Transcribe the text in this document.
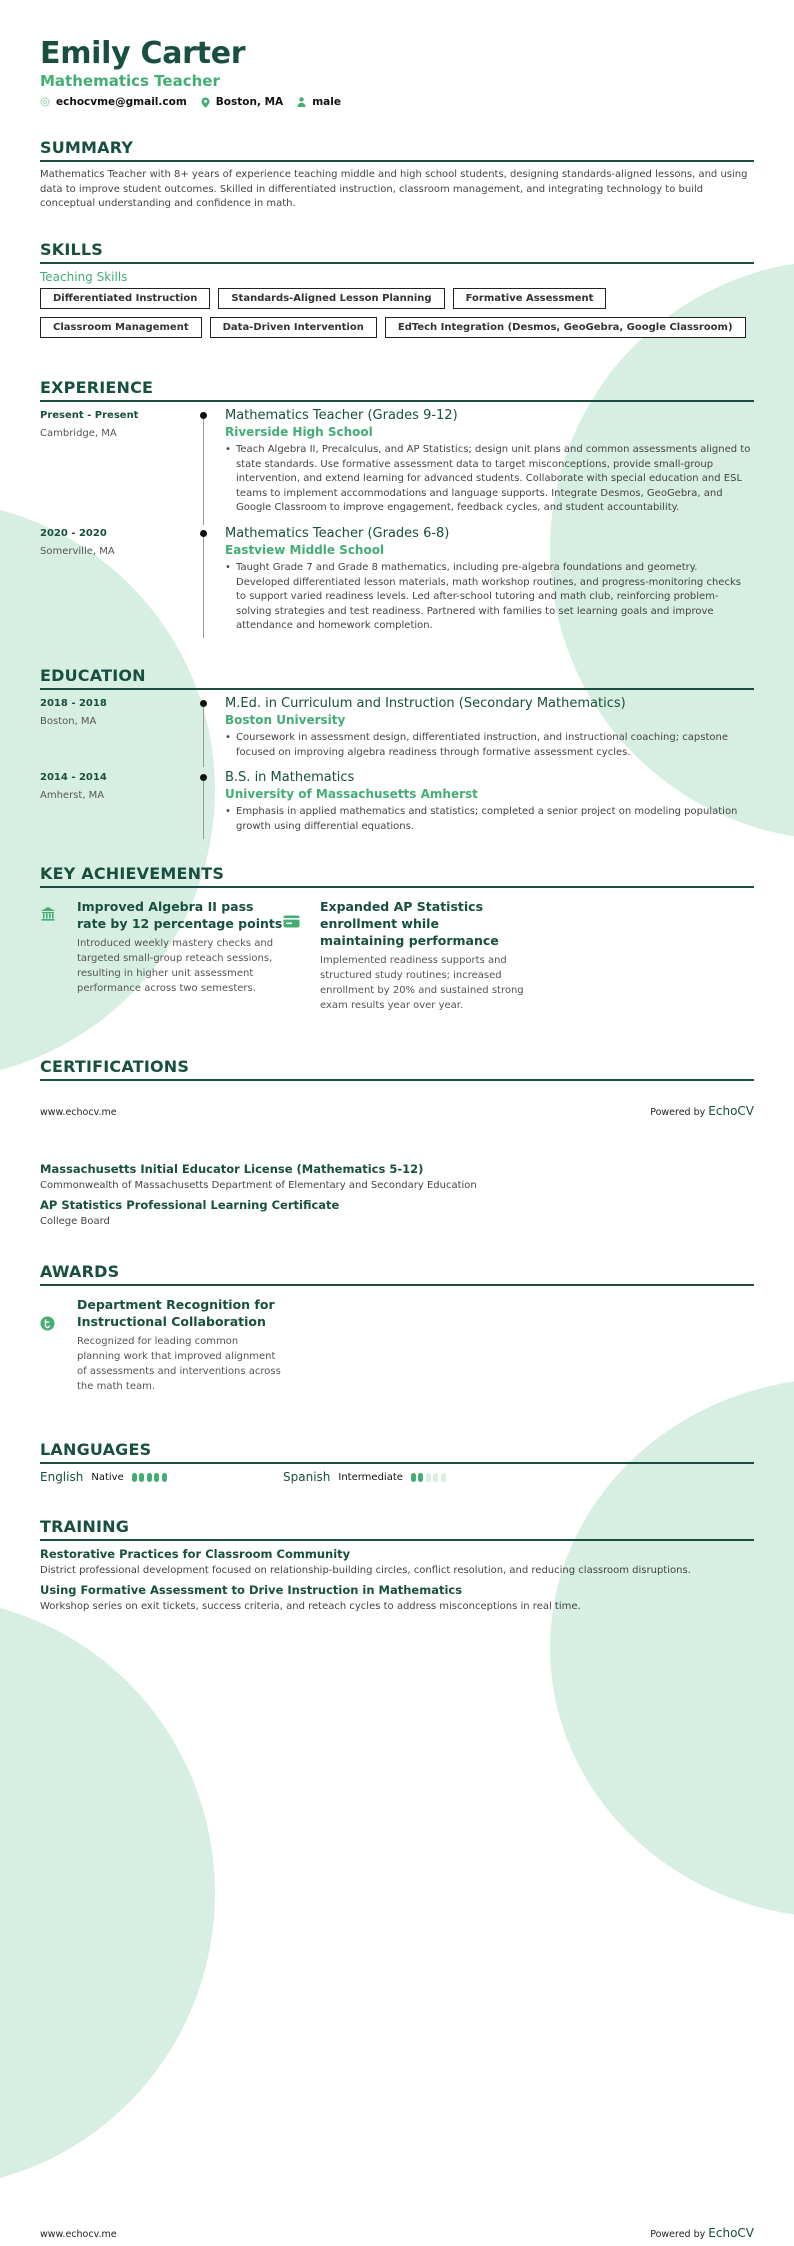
Emily Carter
Mathematics Teacher
echocvme@gmail.com	Boston, MA	male
SUMMARY
Mathematics Teacher with 8+ years of experience teaching middle and high school students, designing standards-aligned lessons, and using data to improve student outcomes. Skilled in differentiated instruction, classroom management, and integrating technology to build conceptual understanding and confidence in math.
SKILLS
Teaching Skills
Differentiated Instruction	Standards-Aligned Lesson Planning	Formative Assessment
Classroom Management	Data-Driven Intervention	EdTech Integration (Desmos, GeoGebra, Google Classroom)
EXPERIENCE
Present - Present
Cambridge, MA
Mathematics Teacher (Grades 9-12)
Riverside High School
• Teach Algebra II, Precalculus, and AP Statistics; design unit plans and common assessments aligned to state standards. Use formative assessment data to target misconceptions, provide small-group intervention, and extend learning for advanced students. Collaborate with special education and ESL teams to implement accommodations and language supports. Integrate Desmos, GeoGebra, and Google Classroom to improve engagement, feedback cycles, and student accountability.
2020 - 2020
Somerville, MA
Mathematics Teacher (Grades 6-8)
Eastview Middle School
• Taught Grade 7 and Grade 8 mathematics, including pre-algebra foundations and geometry. Developed differentiated lesson materials, math workshop routines, and progress-monitoring checks to support varied readiness levels. Led after-school tutoring and math club, reinforcing problem-solving strategies and test readiness. Partnered with families to set learning goals and improve attendance and homework completion.
EDUCATION
2018 - 2018
Boston, MA
M.Ed. in Curriculum and Instruction (Secondary Mathematics)
Boston University
• Coursework in assessment design, differentiated instruction, and instructional coaching; capstone focused on improving algebra readiness through formative assessment cycles.
2014 - 2014
Amherst, MA
B.S. in Mathematics
University of Massachusetts Amherst
• Emphasis in applied mathematics and statistics; completed a senior project on modeling population growth using differential equations.
KEY ACHIEVEMENTS
Improved Algebra II pass rate by 12 percentage points
Introduced weekly mastery checks and targeted small-group reteach sessions, resulting in higher unit assessment performance across two semesters.
Expanded AP Statistics enrollment while maintaining performance
Implemented readiness supports and structured study routines; increased enrollment by 20% and sustained strong exam results year over year.
CERTIFICATIONS
www.echocv.me	Powered by EchoCV
Massachusetts Initial Educator License (Mathematics 5-12)
Commonwealth of Massachusetts Department of Elementary and Secondary Education
AP Statistics Professional Learning Certificate
College Board
AWARDS
Department Recognition for Instructional Collaboration
Recognized for leading common planning work that improved alignment of assessments and interventions across the math team.
LANGUAGES
English Native	Spanish Intermediate
TRAINING
Restorative Practices for Classroom Community
District professional development focused on relationship-building circles, conflict resolution, and reducing classroom disruptions.
Using Formative Assessment to Drive Instruction in Mathematics
Workshop series on exit tickets, success criteria, and reteach cycles to address misconceptions in real time.
www.echocv.me	Powered by EchoCV
